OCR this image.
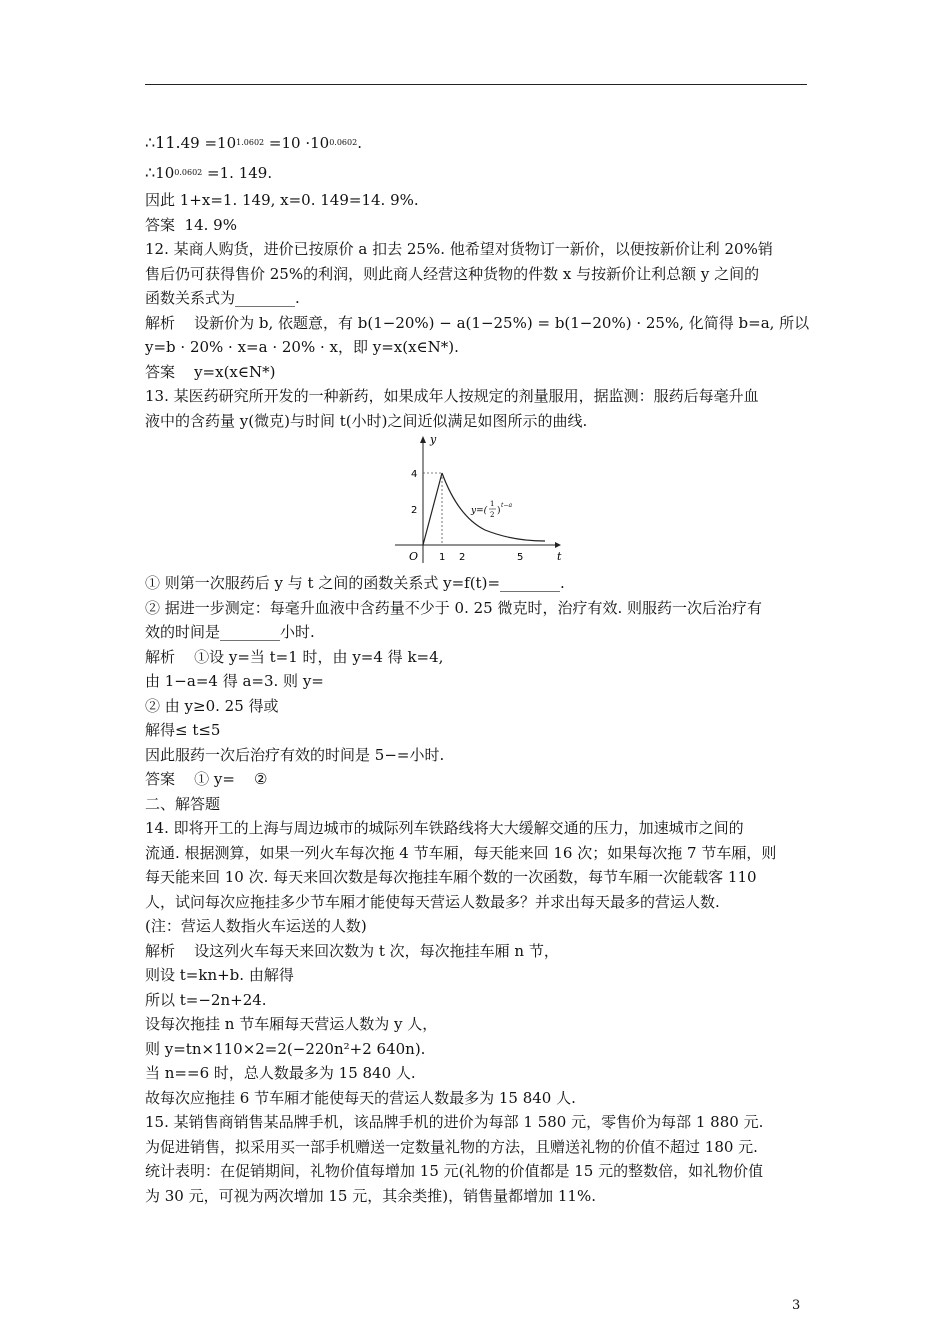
∴11. 49 =10 1.0602 =10 ·10 0.0602 .
∴ 10 0.0602 =1 . 149.
因此 1+x=1. 149, x=0. 149=14. 9%.
答案  14. 9%
12. 某商人购货，进价已按原价 a 扣去 25%. 他希望对货物订一新价，以便按新价让利 20%销
售后仍可获得售价 25%的利润，则此商人经营这种货物的件数 x 与按新价让利总额 y 之间的
函数关系式为________.
解析    设新价为 b, 依题意，有 b(1−20%) − a(1−25%) = b(1−20%) · 25%, 化简得 b=a, 所以
y=b · 20% · x=a · 20% · x，即 y=x(x∈N*).
答案    y=x(x∈N*)
13. 某医药研究所开发的一种新药，如果成年人按规定的剂量服用，据监测：服药后每毫升血
液中的含药量 y(微克)与时间 t(小时)之间近似满足如图所示的曲线.
y
t
O
4
2
1 2	5
y=(
1
2 )
t−a
① 则第一次服药后 y 与 t 之间的函数关系式 y=f(t)=________.
② 据进一步测定：每毫升血液中含药量不少于 0. 25 微克时，治疗有效. 则服药一次后治疗有
效的时间是________小时.
解析    ①设 y=当 t=1 时，由 y=4 得 k=4,
由 1−a=4 得 a=3. 则 y=
② 由 y≥0. 25 得或
解得≤ t≤5
因此服药一次后治疗有效的时间是 5−=小时.
答案    ① y=    ②
二、解答题
14. 即将开工的上海与周边城市的城际列车铁路线将大大缓解交通的压力，加速城市之间的
流通. 根据测算，如果一列火车每次拖 4 节车厢，每天能来回 16 次；如果每次拖 7 节车厢，则
每天能来回 10 次. 每天来回次数是每次拖挂车厢个数的一次函数，每节车厢一次能载客 110
人，试问每次应拖挂多少节车厢才能使每天营运人数最多？并求出每天最多的营运人数.
(注：营运人数指火车运送的人数)
解析    设这列火车每天来回次数为 t 次，每次拖挂车厢 n 节，
则设 t=kn+b. 由解得
所以 t=−2n+24.
设每次拖挂 n 节车厢每天营运人数为 y 人，
则 y=tn×110×2=2(−220n²+2 640n).
当 n==6 时，总人数最多为 15 840 人.
故每次应拖挂 6 节车厢才能使每天的营运人数最多为 15 840 人.
15. 某销售商销售某品牌手机，该品牌手机的进价为每部 1 580 元，零售价为每部 1 880 元.
为促进销售，拟采用买一部手机赠送一定数量礼物的方法，且赠送礼物的价值不超过 180 元.
统计表明：在促销期间，礼物价值每增加 15 元(礼物的价值都是 15 元的整数倍，如礼物价值
为 30 元，可视为两次增加 15 元，其余类推)，销售量都增加 11%.
3
